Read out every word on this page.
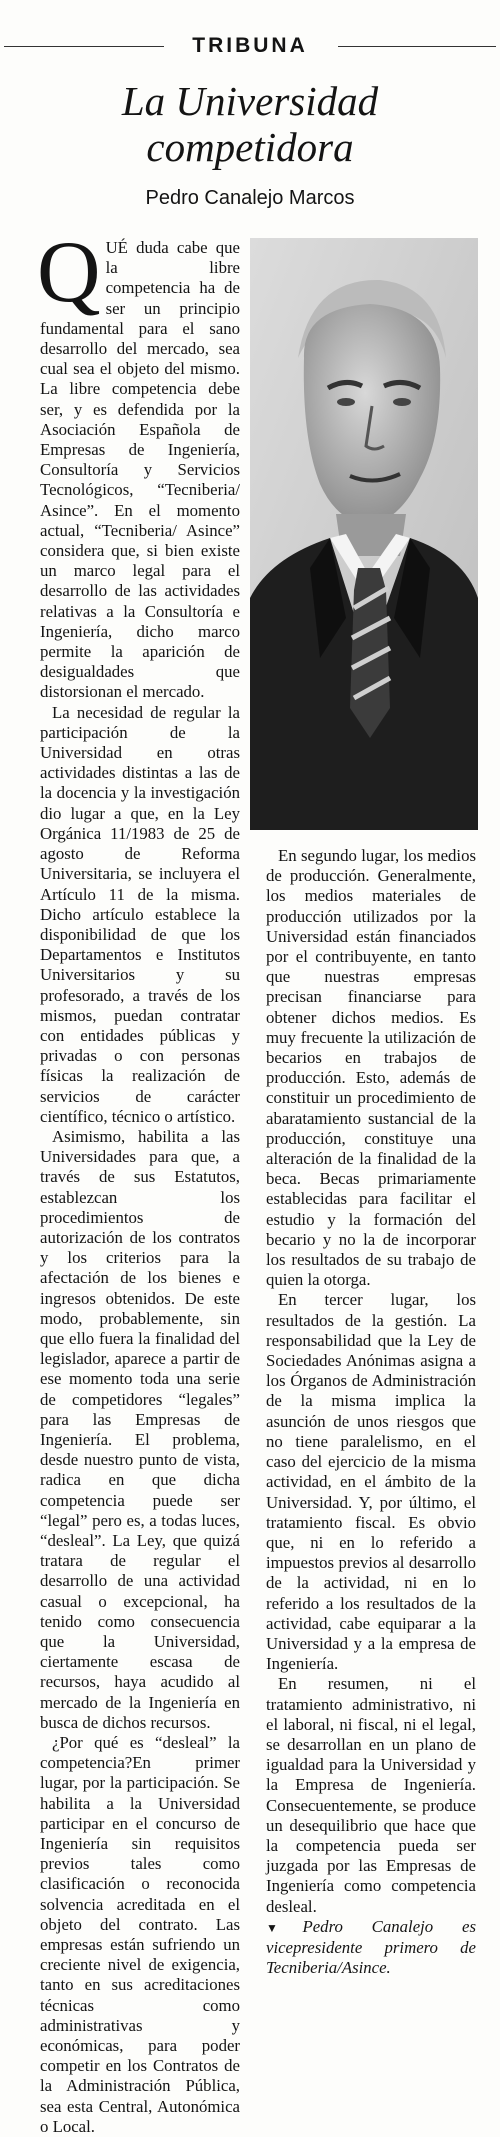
TRIBUNA
La Universidad
competidora
Pedro Canalejo Marcos

QUÉ duda cabe que la libre competencia ha de ser un principio fundamental para el sano desarrollo del mercado, sea cual sea el objeto del mismo. La libre competencia debe ser, y es defendida por la Asociación Española de Empresas de Ingeniería, Consultoría y Servicios Tecnológicos, “Tecniberia/ Asince”. En el momento actual, “Tecniberia/ Asince” considera que, si bien existe un marco legal para el desarrollo de las actividades relativas a la Consultoría e Ingeniería, dicho marco permite la aparición de desigualdades que distorsionan el mercado.

La necesidad de regular la participación de la Universidad en otras actividades distintas a las de la docencia y la investigación dio lugar a que, en la Ley Orgánica 11/1983 de 25 de agosto de Reforma Universitaria, se incluyera el Artículo 11 de la misma. Dicho artículo establece la disponibilidad de que los Departamentos e Institutos Universitarios y su profesorado, a través de los mismos, puedan contratar con entidades públicas y privadas o con personas físicas la realización de servicios de carácter científico, técnico o artístico.

Asimismo, habilita a las Universidades para que, a través de sus Estatutos, establezcan los procedimientos de autorización de los contratos y los criterios para la afectación de los bienes e ingresos obtenidos. De este modo, probablemente, sin que ello fuera la finalidad del legislador, aparece a partir de ese momento toda una serie de competidores “legales” para las Empresas de Ingeniería. El problema, desde nuestro punto de vista, radica en que dicha competencia puede ser “legal” pero es, a todas luces, “desleal”. La Ley, que quizá tratara de regular el desarrollo de una actividad casual o excepcional, ha tenido como consecuencia que la Universidad, ciertamente escasa de recursos, haya acudido al mercado de la Ingeniería en busca de dichos recursos.

¿Por qué es “desleal” la competencia?En primer lugar, por la participación. Se habilita a la Universidad participar en el concurso de Ingeniería sin requisitos previos tales como clasificación o reconocida solvencia acreditada en el objeto del contrato. Las empresas están sufriendo un creciente nivel de exigencia, tanto en sus acreditaciones técnicas como administrativas y económicas, para poder competir en los Contratos de la Administración Pública, sea esta Central, Autonómica o Local.

En segundo lugar, los medios de producción. Generalmente, los medios materiales de producción utilizados por la Universidad están financiados por el contribuyente, en tanto que nuestras empresas precisan financiarse para obtener dichos medios. Es muy frecuente la utilización de becarios en trabajos de producción. Esto, además de constituir un procedimiento de abaratamiento sustancial de la producción, constituye una alteración de la finalidad de la beca. Becas primariamente establecidas para facilitar el estudio y la formación del becario y no la de incorporar los resultados de su trabajo de quien la otorga.

En tercer lugar, los resultados de la gestión. La responsabilidad que la Ley de Sociedades Anónimas asigna a los Órganos de Administración de la misma implica la asunción de unos riesgos que no tiene paralelismo, en el caso del ejercicio de la misma actividad, en el ámbito de la Universidad. Y, por último, el tratamiento fiscal. Es obvio que, ni en lo referido a impuestos previos al desarrollo de la actividad, ni en lo referido a los resultados de la actividad, cabe equiparar a la Universidad y a la empresa de Ingeniería.

En resumen, ni el tratamiento administrativo, ni el laboral, ni fiscal, ni el legal, se desarrollan en un plano de igualdad para la Universidad y la Empresa de Ingeniería. Consecuentemente, se produce un desequilibrio que hace que la competencia pueda ser juzgada por las Empresas de Ingeniería como competencia desleal.

▼Pedro Canalejo es vicepresidente primero de Tecniberia/Asince.
